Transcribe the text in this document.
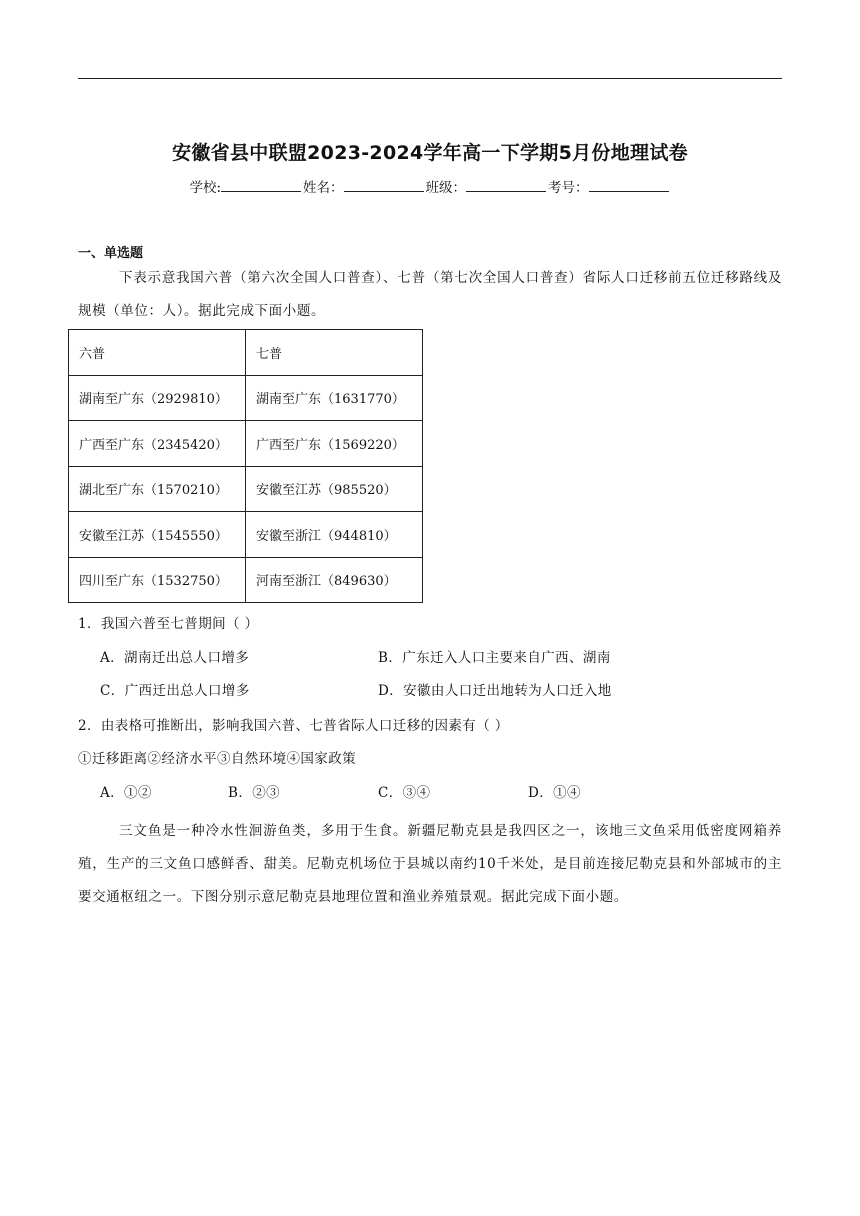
安徽省县中联盟2023-2024学年高一下学期5月份地理试卷
学校:	姓名：	班级：	考号：
一、单选题
下表示意我国六普（第六次全国人口普查）、七普（第七次全国人口普查）省际人口迁移前五位迁移路线及规模（单位：人）。据此完成下面小题。
六普	七普
湖南至广东（2929810）	湖南至广东（1631770）
广西至广东（2345420）	广西至广东（1569220）
湖北至广东（1570210）	安徽至江苏（985520）
安徽至江苏（1545550）	安徽至浙江（944810）
四川至广东（1532750）	河南至浙江（849630）
1．我国六普至七普期间（ ）
A．湖南迁出总人口增多	B．广东迁入人口主要来自广西、湖南
C．广西迁出总人口增多	D．安徽由人口迁出地转为人口迁入地
2．由表格可推断出，影响我国六普、七普省际人口迁移的因素有（ ）
①迁移距离②经济水平③自然环境④国家政策
A．①②	B．②③	C．③④	D．①④
三文鱼是一种冷水性洄游鱼类，多用于生食。新疆尼勒克县是我四区之一，该地三文鱼采用低密度网箱养殖，生产的三文鱼口感鲜香、甜美。尼勒克机场位于县城以南约10千米处，是目前连接尼勒克县和外部城市的主要交通枢纽之一。下图分别示意尼勒克县地理位置和渔业养殖景观。据此完成下面小题。
